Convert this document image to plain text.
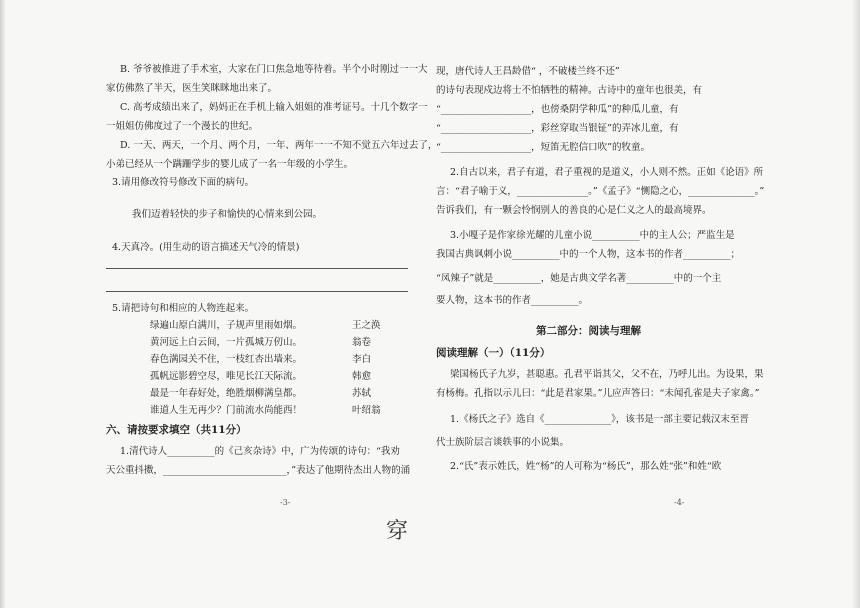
B. 爷爷被推进了手术室，大家在门口焦急地等待着。半个小时刚过一一大
家仿佛熬了半天，医生笑眯眯地出来了。
C. 高考成绩出来了，妈妈正在手机上输入姐姐的准考证号。十几个数字一
一姐姐仿佛度过了一个漫长的世纪。
D. 一天、两天，一个月、两个月，一年、两年一一不知不觉五六年过去了，
小弟已经从一个蹒跚学步的婴儿成了一名一年级的小学生。
3.请用修改符号修改下面的病句。
我们迈着轻快的步子和愉快的心情来到公园。
4.天真冷。(用生动的语言描述天气冷的情景)
5.请把诗句和相应的人物连起来。
绿遍山原白满川，子规声里雨如烟。	王之涣
黄河远上白云间，一片孤城万仞山。	翁卷
春色满园关不住，一枝红杏出墙来。	李白
孤帆远影碧空尽，唯见长江天际流。	韩愈
最是一年春好处，绝胜烟柳满皇都。	苏轼
谁道人生无再少？门前流水尚能西！	叶绍翁
六、请按要求填空（共11分）
1.清代诗人__________的《己亥杂诗》中，广为传颂的诗句：“我劝
天公重抖擞，__________________________，”表达了他期待杰出人物的涌
-3-
现，唐代诗人王昌龄借“ ，不破楼兰终不还”
的诗句表现戍边将士不怕牺牲的精神。古诗中的童年也很美，有
“___________________，也傍桑阴学种瓜”的种瓜儿童，有
“___________________，彩丝穿取当银钲”的弄冰儿童，有
“___________________，短笛无腔信口吹”的牧童。
2.自古以来，君子有道，君子重视的是道义，小人则不然。正如《论语》所
言：“君子喻于义，_______________。”《孟子》“恻隐之心，______________。”
告诉我们，有一颗会怜悯别人的善良的心是仁义之人的最高境界。
3.小嘎子是作家徐光耀的儿童小说__________中的主人公；严监生是
我国古典讽刺小说__________中的一个人物，这本书的作者__________；
“凤辣子”就是__________，她是古典文学名著__________中的一个主
要人物，这本书的作者__________。
第二部分：阅读与理解
阅读理解（一）（11分）
梁国杨氏子九岁，甚聪惠。孔君平诣其父，父不在，乃呼儿出。为设果，果
有杨梅。孔指以示儿曰：“此是君家果。”儿应声答曰：“未闻孔雀是夫子家禽。”
1.《杨氏之子》选自《______________》，该书是一部主要记载汉末至晋
代士族阶层言谈轶事的小说集。
2.“氏”表示姓氏，姓“杨”的人可称为“杨氏”，那么姓“张”和姓“欧
-4-
穿
